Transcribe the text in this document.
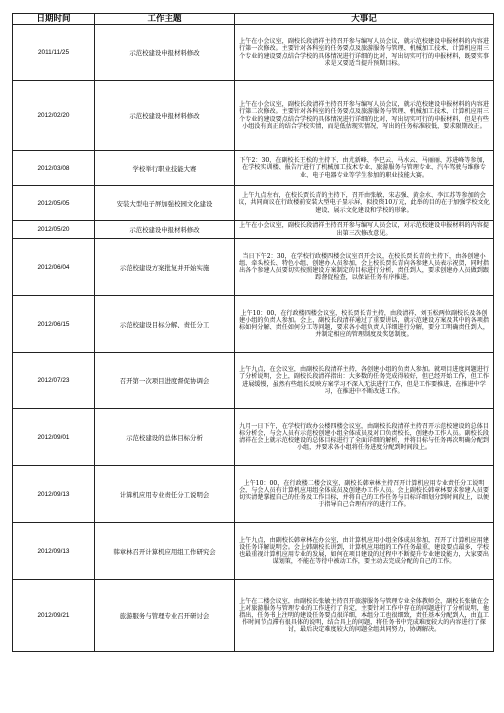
日期时间	工作主题	大事记
2011/11/25	示范校建设申报材料修改	上午在小会议室，副校长段清祥主持召开参与编写人员会议，就示范校建设申报材料的内容进行第一次修改。主要针对各科室的任务要点及旅游服务与管理、机械加工技术、计算机应用三个专业的建设要点结合学校的具体情况进行详细的比对，写出切实可行的申报材料，既要实事求是又要适当提升预期目标。
2012/02/20	示范校建设申报材料修改	上午在小会议室，副校长段清祥主持召开参与编写人员会议，就示范校建设申报材料的内容进行第二次修改。主要针对各科室的任务要点及旅游服务与管理、机械加工技术、计算机应用三个专业的建设要点结合学校的具体情况进行详细的比对，写出切实可行的申报材料，但是有些小组没有真正的结合学校实情，而是低估现实情况，写出的任务标准较低，要求限期改正。
2012/03/08	学校举行职业技能大赛	下午2：30，在副校长王松的主持下，由尤新峰、李巳云、马水云、马丽丽、苏进峰等参加，在学校实训楼、报告厅进行了机械加工技术专业、旅游服务与管理专业、汽车驾驶与维修专业、电子电器专业等学生参加的职业技能大赛。
2012/05/05	安装大型电子屏加强校园文化建设	上午九点左右，在校长贾长青的主持下，召开由张敏，宋志强、黄金水、李江苏等参加的会议，共同商议在行政楼前安装大型电子显示屏，拟投资10万元，此举的目的在于加强学校文化建设、展示文化建设和学校的形象。
2012/05/20	示范校建设申报材料修改	上午在小会议室，副校长段清祥主持召开参与编写人员会议，对示范校建设申报材料的内容提出第三次修改意见。
2012/06/04	示范校建设方案批复并开始实施	当日下午2：30，在学校行政楼四楼会议室召开会议，在校长贾长青的主持下，由各创建小组、牵头校长、特色小组、创建办人员参加，会上校长贾长青向各参建人员表示祝贺，同时指出各个参建人员要切实按照建设方案制定的目标进行分析，责任到人，要求创建办人员做到跟踪督促检查，以保证任务有序推进。
2012/06/15	示范校建设目标分解、责任分工	上午10：00，在行政楼四楼会议室，校长贾长青主持，由段清祥、刘玉松两位副校长及各创建小组的负责人参加。会上，副校长段清祥通过了重要讲话，就示范建设方案及其中的各项指标如何分解、责任如何分工等问题，要求各小组负责人详细进行分解，要分工明确责任到人，并制定相应的管理制度及奖惩制度。
2012/07/23	召开第一次项目进度督促协调会	上午九点，在会议室，由副校长段清祥主持，各创建小组的负责人参加。就项目进度问题进行了分析说明，会上，副校长段清祥指出：大多数的任务完成得较好，但已经开始工作，但工作进展缓慢，虽然有些组长反映方案学习不深入无法进行工作，但是工作要推进，在推进中学习，在推进中不断改进工作。
2012/09/01	示范校建设的总体目标分析	九月一日下午，在学校行政办公楼四楼会议室，由副校长段清祥主持召开示范校建设的总体目标分析会，与会人员有示范校创建小组全体成员及对口负责校长，创建办工作人员。副校长段清祥在会上就示范校建设的总体目标进行了全面详细的解析，并将目标与任务再次明确分配到小组，并要求各小组将任务进度分配到时间段上。
2012/09/13	计算机应用专业责任分工说明会	上午10：00，在行政楼二楼会议室，副校长韩章林主持召开计算机应用专业责任分工说明会，与会人员有计算机应用组全体成员及创建办工作人员。会上副校长韩章林要求参建人员要切实清楚掌握自己的任务及工作目标，并将自己的工作任务与目标详细划分到时间段上，以便于指导自己合理有序的进行工作。
2012/09/13	韩章林召开计算机应用组工作研究会	上午九点，由副校长韩章林在办公室，由计算机应用小组全体成员参加，召开了计算机应用建设任务详解说明会。会上韩副校长讲到，计算机应用组的工作任务最重，建设要点最多，学校也最重视计算机应用专业的发展，如何在项目建设的过程中不断提升专业建设能力，大家要出谋划策，不能在等待中被动工作，要主动去完成分配的自己的工作。
2012/09/21	旅游服务与管理专业召开研讨会	上午在二楼会议室，由副校长张敏主持召开旅游服务与管理专业全体教师会，副校长张敏在会上对旅游服务与管理专业的工作进行了肯定，主要针对工作中存在的问题进行了分析说明，他指出，任务书上注明的建设任务要点很详细，本组分工也很细致，责任基本分配到人，由直工作时间节点滞有很具体的说明，结合具上的问题，将任务书中完成难度较大的内容进行了探讨，最后决定难度较大的问题全组共同努力，协调解决。
